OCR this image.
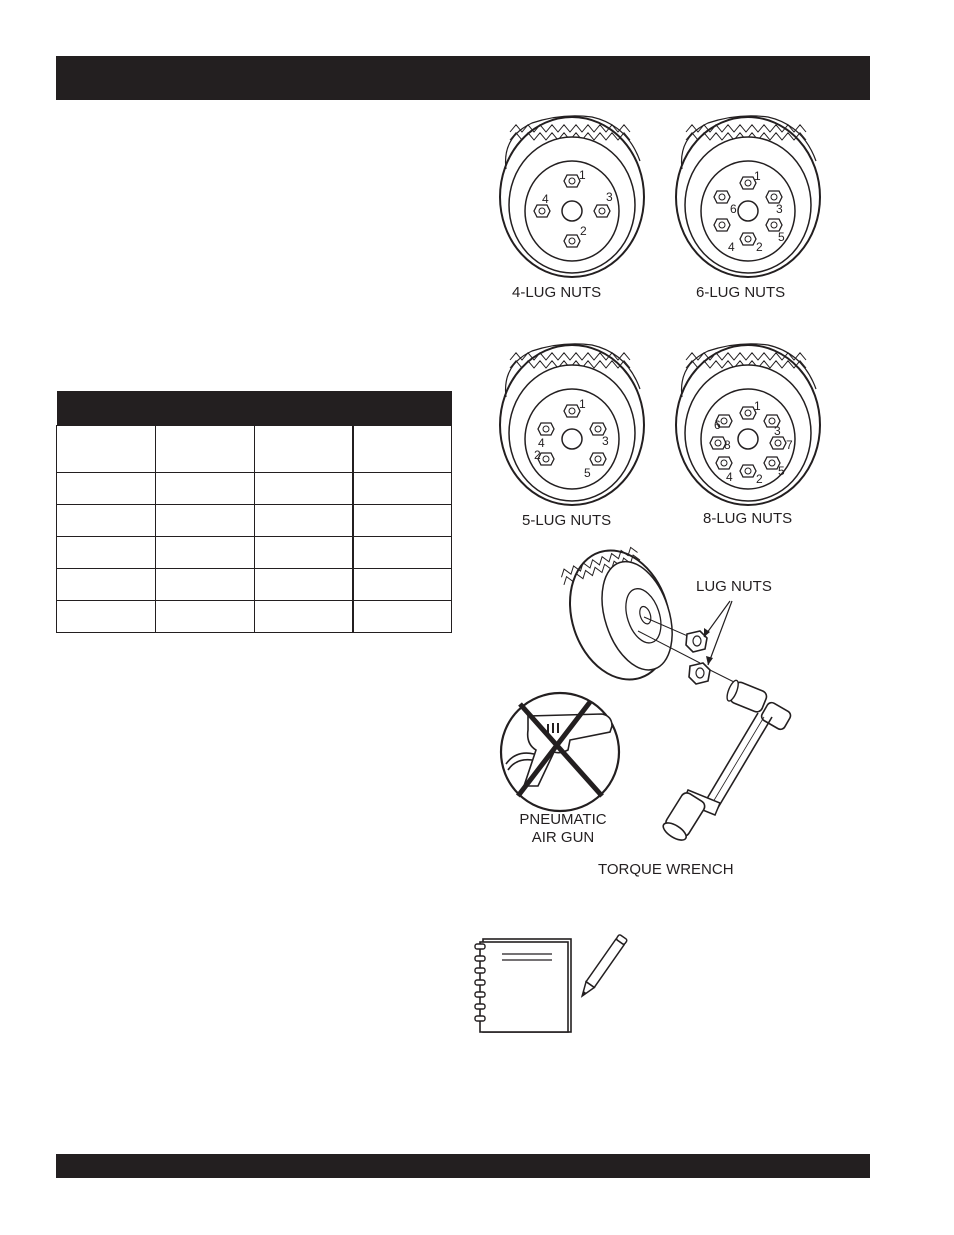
1
3
2
4
4-LUG NUTS
1
3
5
2
4
6
6-LUG NUTS
1
3
5
2
4
5-LUG NUTS
1
3
7
5
2
4
8
6
8-LUG NUTS
LUG NUTS
PNEUMATIC
AIR GUN
TORQUE WRENCH
